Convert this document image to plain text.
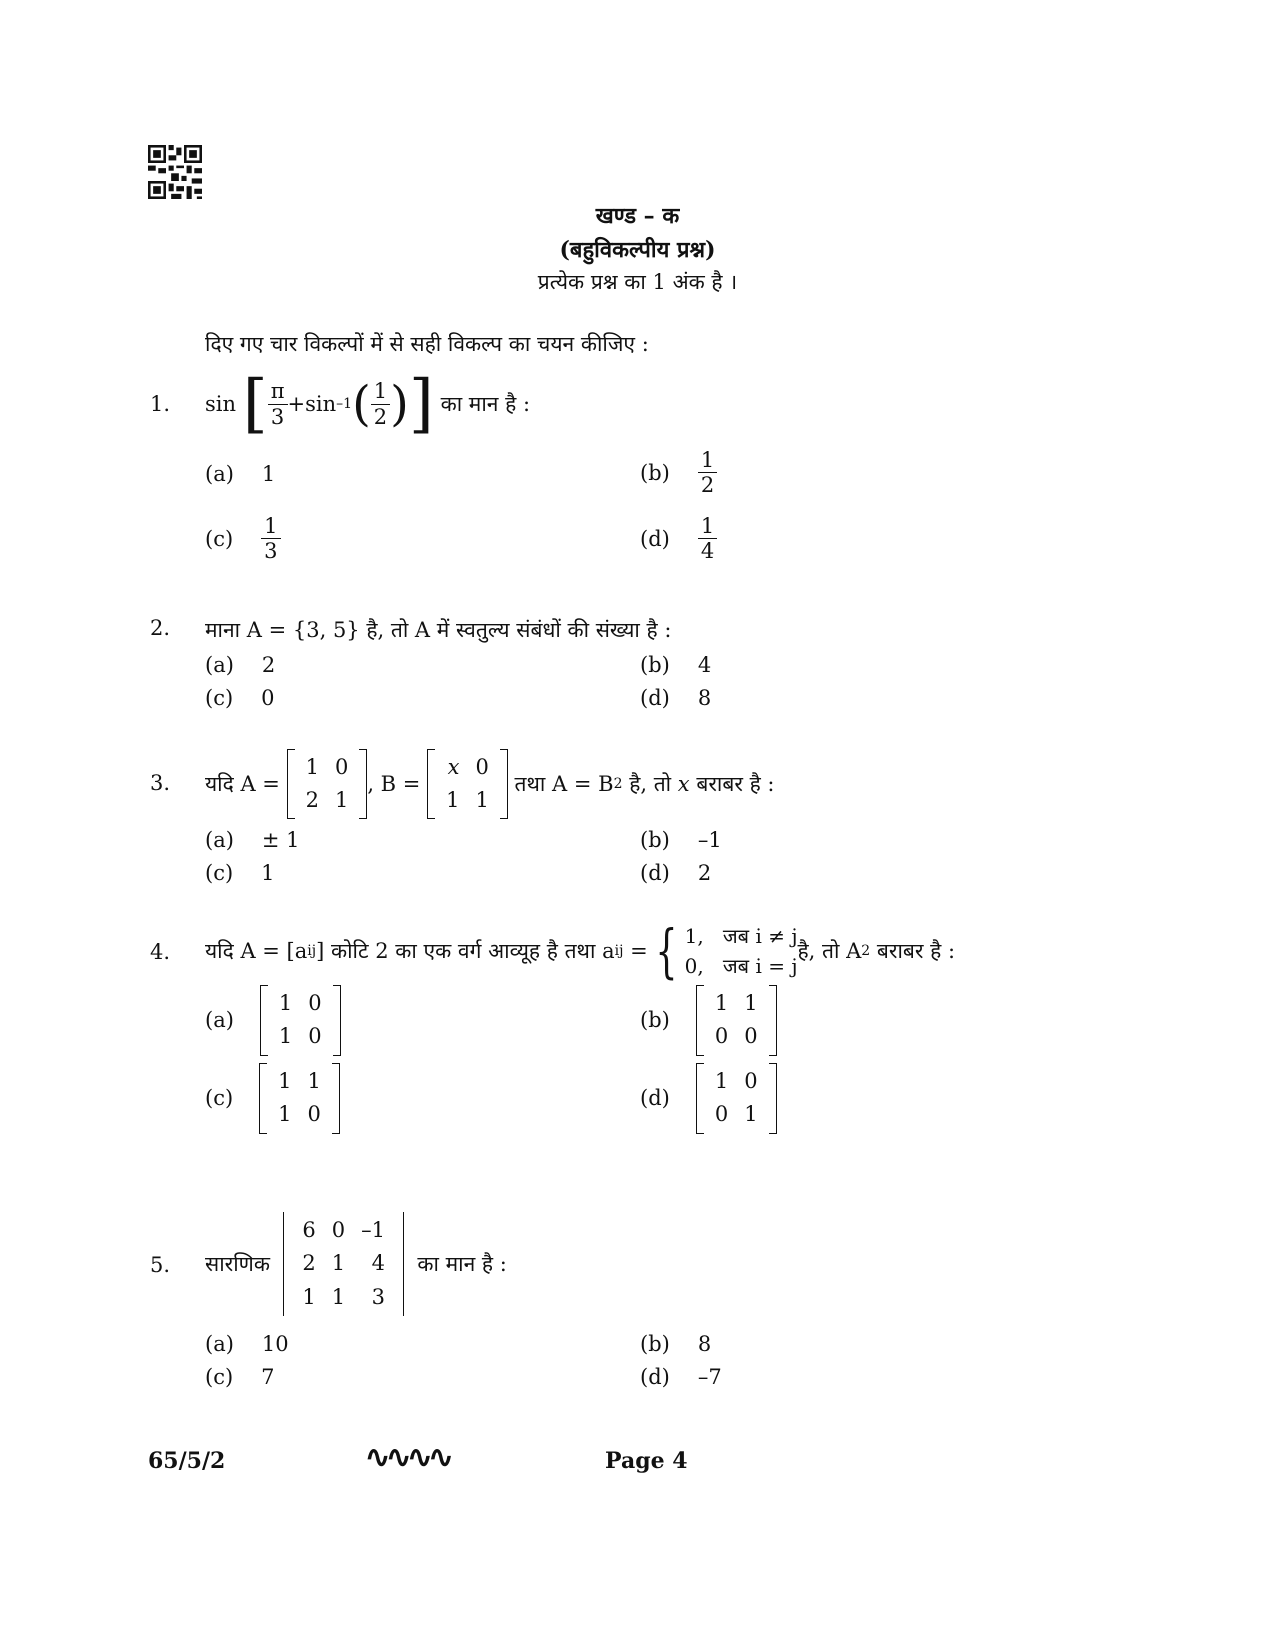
खण्ड – क
(बहुविकल्पीय प्रश्न)
प्रत्येक प्रश्न का 1 अंक है ।
दिए गए चार विकल्पों में से सही विकल्प का चयन कीजिए :
1. sin
[ $\frac{\pi}{3} + \sin -1$ ( $\frac{1}{2}$ ) ]
का मान है :
(a) 1	$(b) \frac{1}{2}$
$(c) \frac{1}{3}$	$(d) \frac{1}{4}$
2. माना A = {3, 5} है, तो A में स्वतुल्य संबंधों की संख्या है :
(a) 2	(b) 4
(c) 0	(d) 8
3. यदि A =

1	0
2	1
, B =

x	0
1	1

तथा A = B 2
है, तो
x
बराबर है :
(a) ± 1	(b) –1
(c) 1	(d) 2
4. यदि A = [a ij ] कोटि 2 का एक वर्ग आव्यूह है तथा a ij
= { 1, जब i ≠ j
0, जब i = j
है, तो A 2
बराबर है :
(a)
1	0
1	0
(b)
1	1
0	0
(c)
1	1
1	0
(d)
1	0
0	1
5. सारणिक

6	0	–1
2	1	4
1	1	3

का मान है :
(a) 10	(b) 8
(c) 7	(d) –7
65/5/2	∿∿∿∿	Page 4
